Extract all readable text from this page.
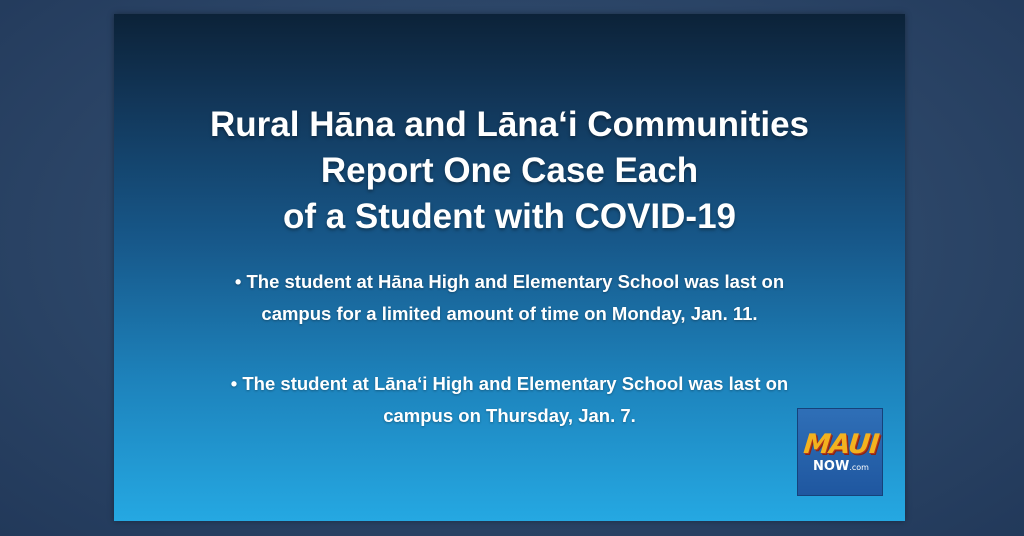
Rural Hāna and Lānaʻi Communities
Report One Case Each
of a Student with COVID-19
• The student at Hāna High and Elementary School was last on
campus for a limited amount of time on Monday, Jan. 11.
• The student at Lānaʻi High and Elementary School was last on
campus on Thursday, Jan. 7.
MAUI
NOW.com
